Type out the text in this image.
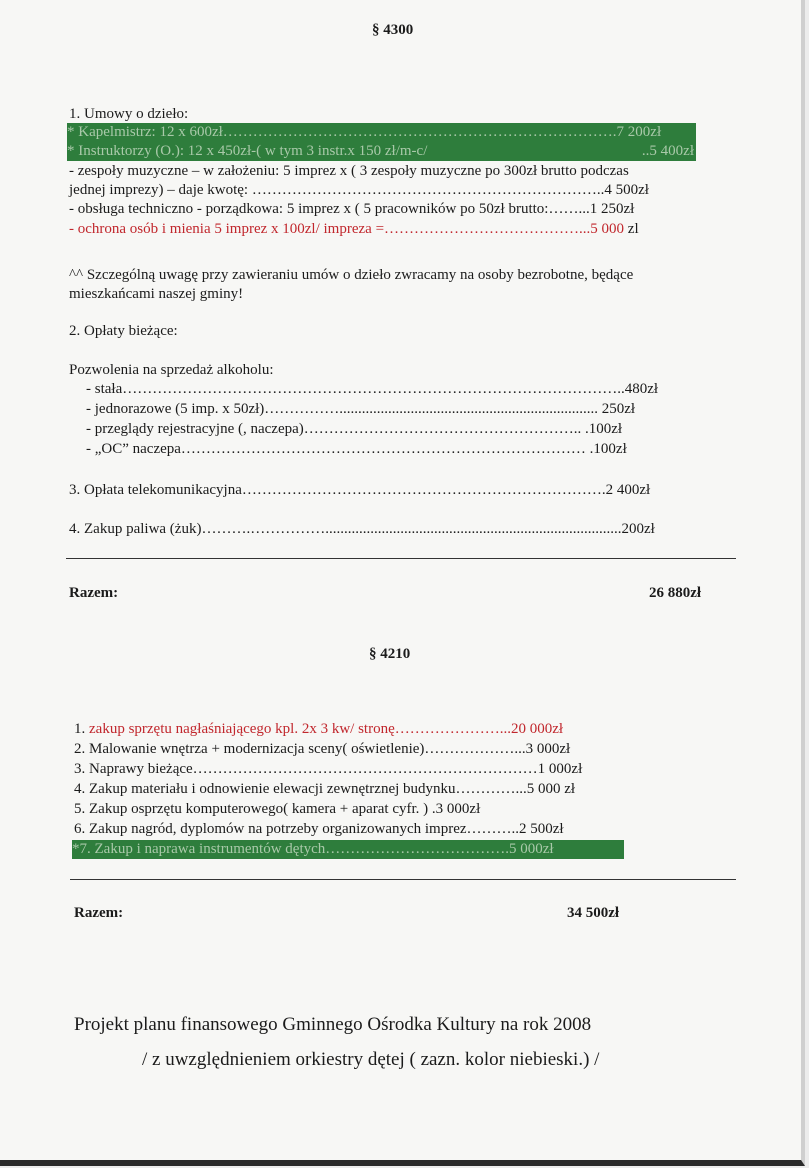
§ 4300
1. Umowy o dzieło:
* Kapelmistrz: 12 x 600zł…………………………………………………………………….7 200zł
* Instruktorzy (O.): 12 x 450zł-( w tym 3 instr.x 150 zł/m-c/	..5 400zł
- zespoły muzyczne – w założeniu: 5 imprez x ( 3 zespoły muzyczne po 300zł brutto podczas
jednej imprezy) – daje kwotę: ……………………………………………………………..4 500zł
- obsługa techniczno - porządkowa: 5 imprez x ( 5 pracowników po 50zł brutto:……...1 250zł
- ochrona osób i mienia 5 imprez x 100zl/ impreza =…………………………………...5 000 zl
^^ Szczególną uwagę przy zawieraniu umów o dzieło zwracamy na osoby bezrobotne, będące
mieszkańcami naszej gminy!
2. Opłaty bieżące:
Pozwolenia na sprzedaż alkoholu:
- stała………………………………………………………………………………………..480zł
- jednorazowe (5 imp. x 50zł)……………..................................................................... 250zł
- przeglądy rejestracyjne (, naczepa)……………………………………………….. .100zł
- „OC” naczepa……………………………………………………………………… .100zł
3. Opłata telekomunikacyjna……………………………………………………………….2 400zł
4. Zakup paliwa (żuk)……….……………...............................................................................200zł
Razem:	26 880zł
§ 4210
1. zakup sprzętu nagłaśniającego kpl. 2x 3 kw/ stronę…………………...20 000zł
2. Malowanie wnętrza + modernizacja sceny( oświetlenie)………………...3 000zł
3. Naprawy bieżące……………………………………………………………1 000zł
4. Zakup materiału i odnowienie elewacji zewnętrznej budynku…………...5 000 zł
5. Zakup osprzętu komputerowego( kamera + aparat cyfr. ) .3 000zł
6. Zakup nagród, dyplomów na potrzeby organizowanych imprez………..2 500zł
*7. Zakup i naprawa instrumentów dętych……………………………….5 000zł
Razem:	34 500zł
Projekt planu finansowego Gminnego Ośrodka Kultury na rok 2008
/ z uwzględnieniem orkiestry dętej ( zazn. kolor niebieski.) /
